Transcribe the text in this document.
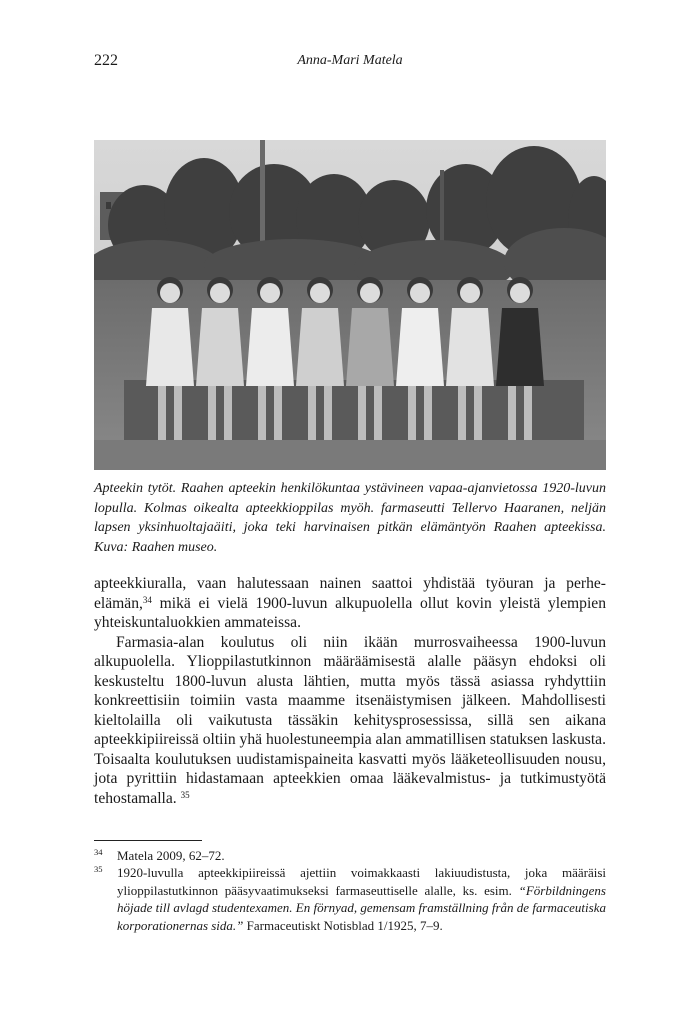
222	Anna-Mari Matela

Apteekin tytöt. Raahen apteekin henkilökuntaa ystävineen vapaa-ajanvietossa 1920-luvun lopulla. Kolmas oikealta apteekkioppilas myöh. farmaseutti Tellervo Haaranen, neljän lapsen yksinhuoltajaäiti, joka teki harvinaisen pitkän elämäntyön Raahen apteekissa. Kuva: Raahen museo.

apteekkiuralla, vaan halutessaan nainen saattoi yhdistää työuran ja perhe-elämän,$^{34}$ mikä ei vielä 1900-luvun alkupuolella ollut kovin yleistä ylempien yhteiskuntaluokkien ammateissa.

Farmasia-alan koulutus oli niin ikään murrosvaiheessa 1900-luvun alkupuolella. Ylioppilastutkinnon määräämisestä alalle pääsyn ehdoksi oli keskusteltu 1800-luvun alusta lähtien, mutta myös tässä asiassa ryhdyttiin konkreettisiin toimiin vasta maamme itsenäistymisen jälkeen. Mahdollisesti kieltolailla oli vaikutusta tässäkin kehitysprosessissa, sillä sen aikana apteekkipiireissä oltiin yhä huolestuneempia alan ammatillisen statuksen laskusta. Toisaalta koulutuksen uudistamispaineita kasvatti myös lääketeollisuuden nousu, jota pyrittiin hidastamaan apteekkien omaa lääkevalmistus- ja tutkimustyötä tehostamalla. $^{35}$

34 Matela 2009, 62–72.
35 1920-luvulla apteekkipiireissä ajettiin voimakkaasti lakiuudistusta, joka määräisi ylioppilastutkinnon pääsyvaatimukseksi farmaseuttiselle alalle, ks. esim. “Förbildningens höjade till avlagd studentexamen. En förnyad, gemensam framställning från de farmaceutiska korporationernas sida.” Farmaceutiskt Notisblad 1/1925, 7–9.
